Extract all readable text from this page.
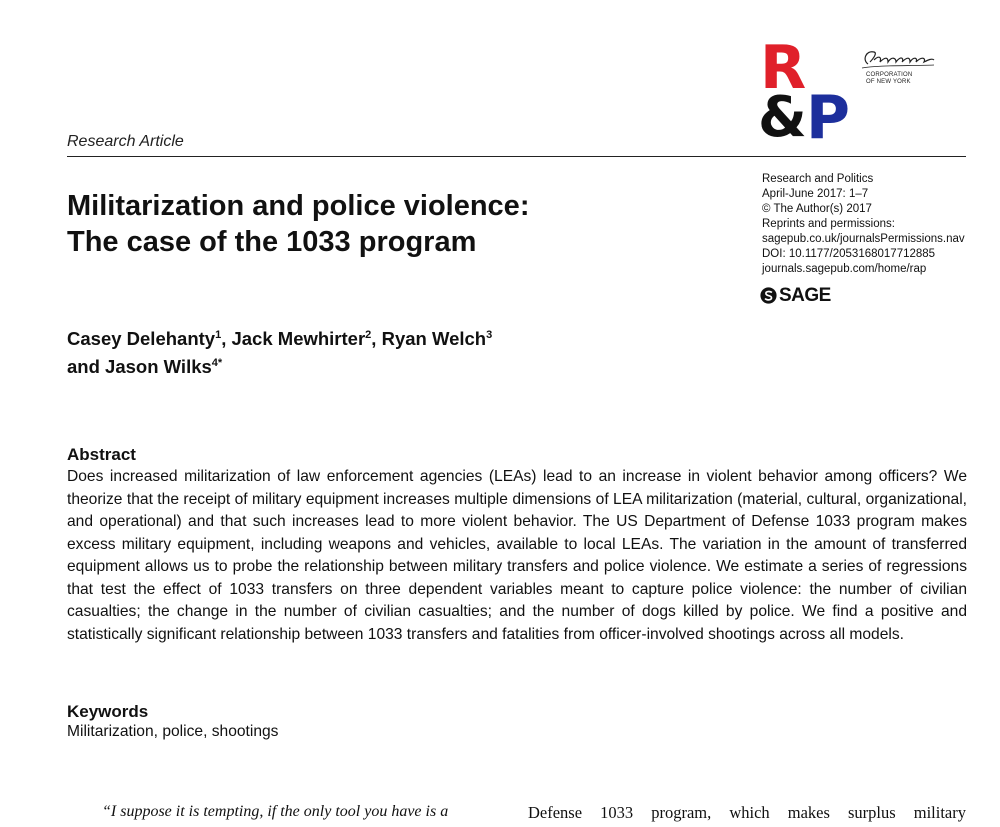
R
& P
CORPORATION
OF NEW YORK
Research Article
Research and Politics
April-June 2017: 1–7
© The Author(s) 2017
Reprints and permissions:
sagepub.co.uk/journalsPermissions.nav
DOI: 10.1177/2053168017712885
journals.sagepub.com/home/rap
SAGE
Militarization and police violence:
The case of the 1033 program
Casey Delehanty$^1$, Jack Mewhirter$^2$, Ryan Welch$^3$
and Jason Wilks$^{4*}$
Abstract
Does increased militarization of law enforcement agencies (LEAs) lead to an increase in violent behavior among officers? We theorize that the receipt of military equipment increases multiple dimensions of LEA militarization (material, cultural, organizational, and operational) and that such increases lead to more violent behavior. The US Department of Defense 1033 program makes excess military equipment, including weapons and vehicles, available to local LEAs. The variation in the amount of transferred equipment allows us to probe the relationship between military transfers and police violence. We estimate a series of regressions that test the effect of 1033 transfers on three dependent variables meant to capture police violence: the number of civilian casualties; the change in the number of civilian casualties; and the number of dogs killed by police. We find a positive and statistically significant relationship between 1033 transfers and fatalities from officer-involved shootings across all models.
Keywords
Militarization, police, shootings
“I suppose it is tempting, if the only tool you have is a	Defense 1033 program, which makes surplus military
